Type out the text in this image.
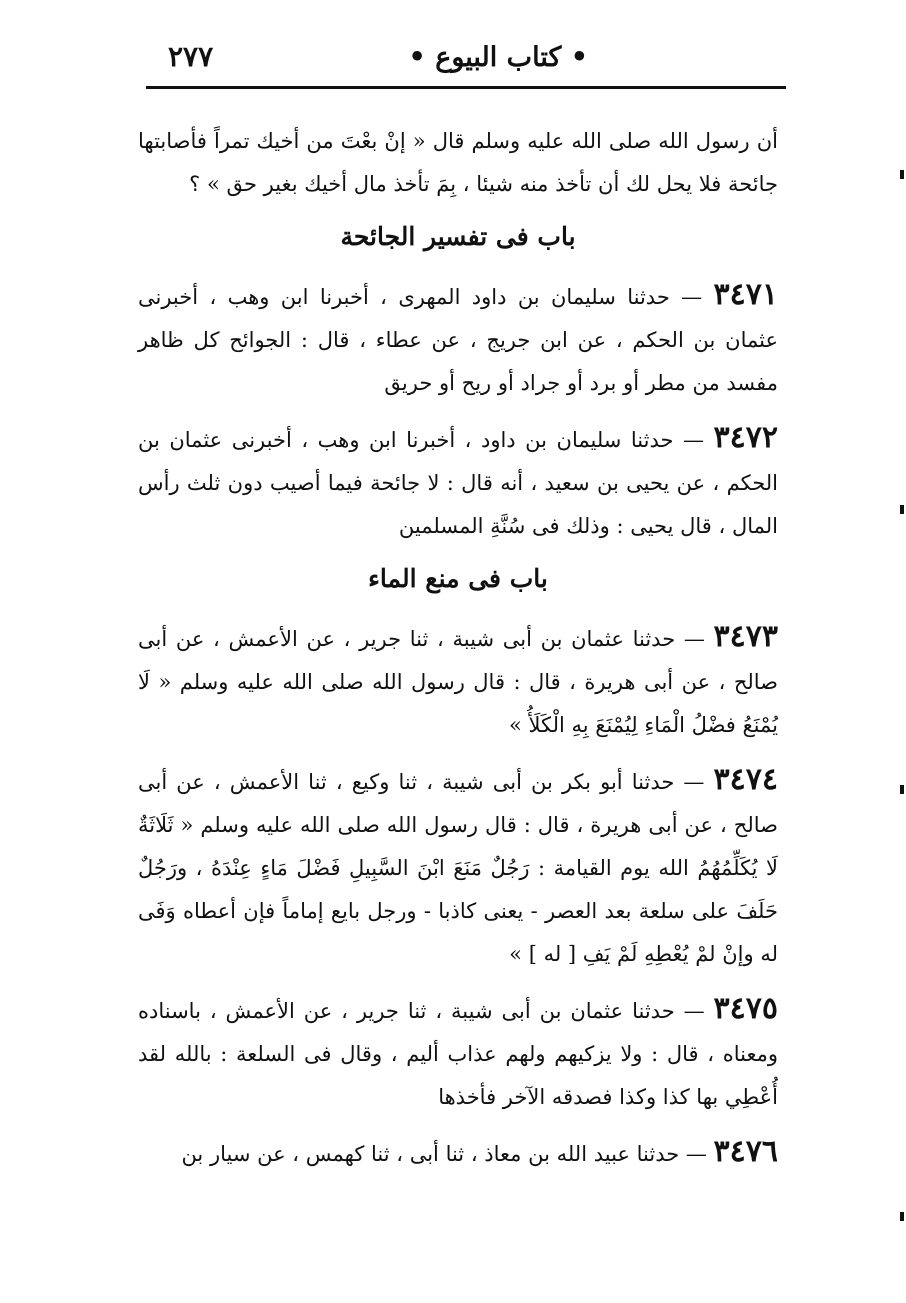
• كتاب البيوع •
٢٧٧

أن رسول الله صلى الله عليه وسلم قال « إنْ بعْتَ من أخيك تمراً فأصابتها جائحة فلا يحل لك أن تأخذ منه شيئا ، بِمَ تأخذ مال أخيك بغير حق » ؟

باب فى تفسير الجائحة

٣٤٧١ — حدثنا سليمان بن داود المهرى ، أخبرنا ابن وهب ، أخبرنى عثمان بن الحكم ، عن ابن جريج ، عن عطاء ، قال : الجوائح كل ظاهر مفسد من مطر أو برد أو جراد أو ريح أو حريق

٣٤٧٢ — حدثنا سليمان بن داود ، أخبرنا ابن وهب ، أخبرنى عثمان بن الحكم ، عن يحيى بن سعيد ، أنه قال : لا جائحة فيما أصيب دون ثلث رأس المال ، قال يحيى : وذلك فى سُنَّةِ المسلمين

باب فى منع الماء

٣٤٧٣ — حدثنا عثمان بن أبى شيبة ، ثنا جرير ، عن الأعمش ، عن أبى صالح ، عن أبى هريرة ، قال : قال رسول الله صلى الله عليه وسلم « لَا يُمْنَعُ فضْلُ الْمَاءِ لِيُمْنَعَ بِهِ الْكَلَأُ »

٣٤٧٤ — حدثنا أبو بكر بن أبى شيبة ، ثنا وكيع ، ثنا الأعمش ، عن أبى صالح ، عن أبى هريرة ، قال : قال رسول الله صلى الله عليه وسلم « ثَلَاثَةٌ لَا يُكَلِّمُهُمُ الله يوم القيامة : رَجُلٌ مَنَعَ ابْنَ السَّبِيلِ فَضْلَ مَاءٍ عِنْدَهُ ، ورَجُلٌ حَلَفَ على سلعة بعد العصر - يعنى كاذبا - ورجل بايع إماماً فإن أعطاه وَفَى له وإنْ لمْ يُعْطِهِ لَمْ يَفِ [ له ] »

٣٤٧٥ — حدثنا عثمان بن أبى شيبة ، ثنا جرير ، عن الأعمش ، باسناده ومعناه ، قال : ولا يزكيهم ولهم عذاب أليم ، وقال فى السلعة : بالله لقد أُعْطِي بها كذا وكذا فصدقه الآخر فأخذها

٣٤٧٦ — حدثنا عبيد الله بن معاذ ، ثنا أبى ، ثنا كهمس ، عن سيار بن
